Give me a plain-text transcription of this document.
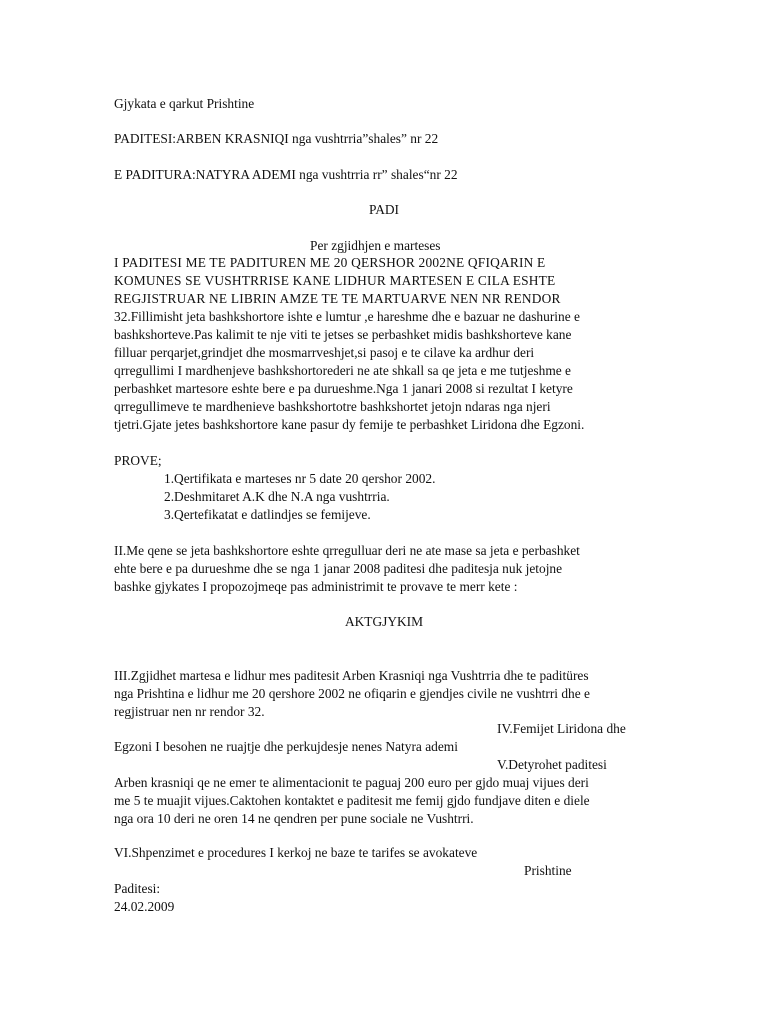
Gjykata e qarkut Prishtine
PADITESI:ARBEN KRASNIQI nga vushtrria”shales” nr 22
E PADITURA:NATYRA ADEMI nga vushtrria rr” shales“nr 22
PADI
Per zgjidhjen e marteses
I PADITESI ME TE PADITUREN ME 20 QERSHOR 2002NE QFIQARIN E
KOMUNES SE VUSHTRRISE KANE LIDHUR MARTESEN E CILA ESHTE
REGJISTRUAR NE LIBRIN AMZE TE TE MARTUARVE NEN NR RENDOR
32.Fillimisht jeta bashkshortore ishte e lumtur ,e hareshme dhe e bazuar ne dashurine e
bashkshorteve.Pas kalimit te nje viti te jetses se perbashket midis bashkshorteve kane
filluar perqarjet,grindjet dhe mosmarrveshjet,si pasoj e te cilave ka ardhur deri
qrregullimi I mardhenjeve bashkshortorederi ne ate shkall sa qe jeta e me tutjeshme e
perbashket martesore eshte bere e pa durueshme.Nga 1 janari 2008 si rezultat I ketyre
qrregullimeve te mardhenieve bashkshortotre bashkshortet jetojn ndaras nga njeri
tjetri.Gjate jetes bashkshortore kane pasur dy femije te perbashket Liridona dhe Egzoni.
PROVE;
1.Qertifikata e marteses nr 5 date 20 qershor 2002.
2.Deshmitaret A.K dhe N.A nga vushtrria.
3.Qertefikatat e datlindjes se femijeve.
II.Me qene se jeta bashkshortore eshte qrregulluar deri ne ate mase sa jeta e perbashket
ehte bere e pa durueshme dhe se nga 1 janar 2008 paditesi dhe paditesja nuk jetojne
bashke gjykates I propozojmeqe pas administrimit te provave te merr kete :
AKTGJYKIM
III.Zgjidhet martesa e lidhur mes paditesit Arben Krasniqi nga Vushtrria dhe te paditüres
nga Prishtina e lidhur me 20 qershore 2002 ne ofiqarin e gjendjes civile ne vushtrri dhe e
regjistruar nen nr rendor 32.
IV.Femijet Liridona dhe
Egzoni I besohen ne ruajtje dhe perkujdesje nenes Natyra ademi
V.Detyrohet paditesi
Arben krasniqi qe ne emer te alimentacionit te paguaj 200 euro per gjdo muaj vijues deri
me 5 te muajit vijues.Caktohen kontaktet e paditesit me femij gjdo fundjave diten e diele
nga ora 10 deri ne oren 14 ne qendren per pune sociale ne Vushtrri.
VI.Shpenzimet e procedures I kerkoj ne baze te tarifes se avokateve
Prishtine
Paditesi:
24.02.2009
